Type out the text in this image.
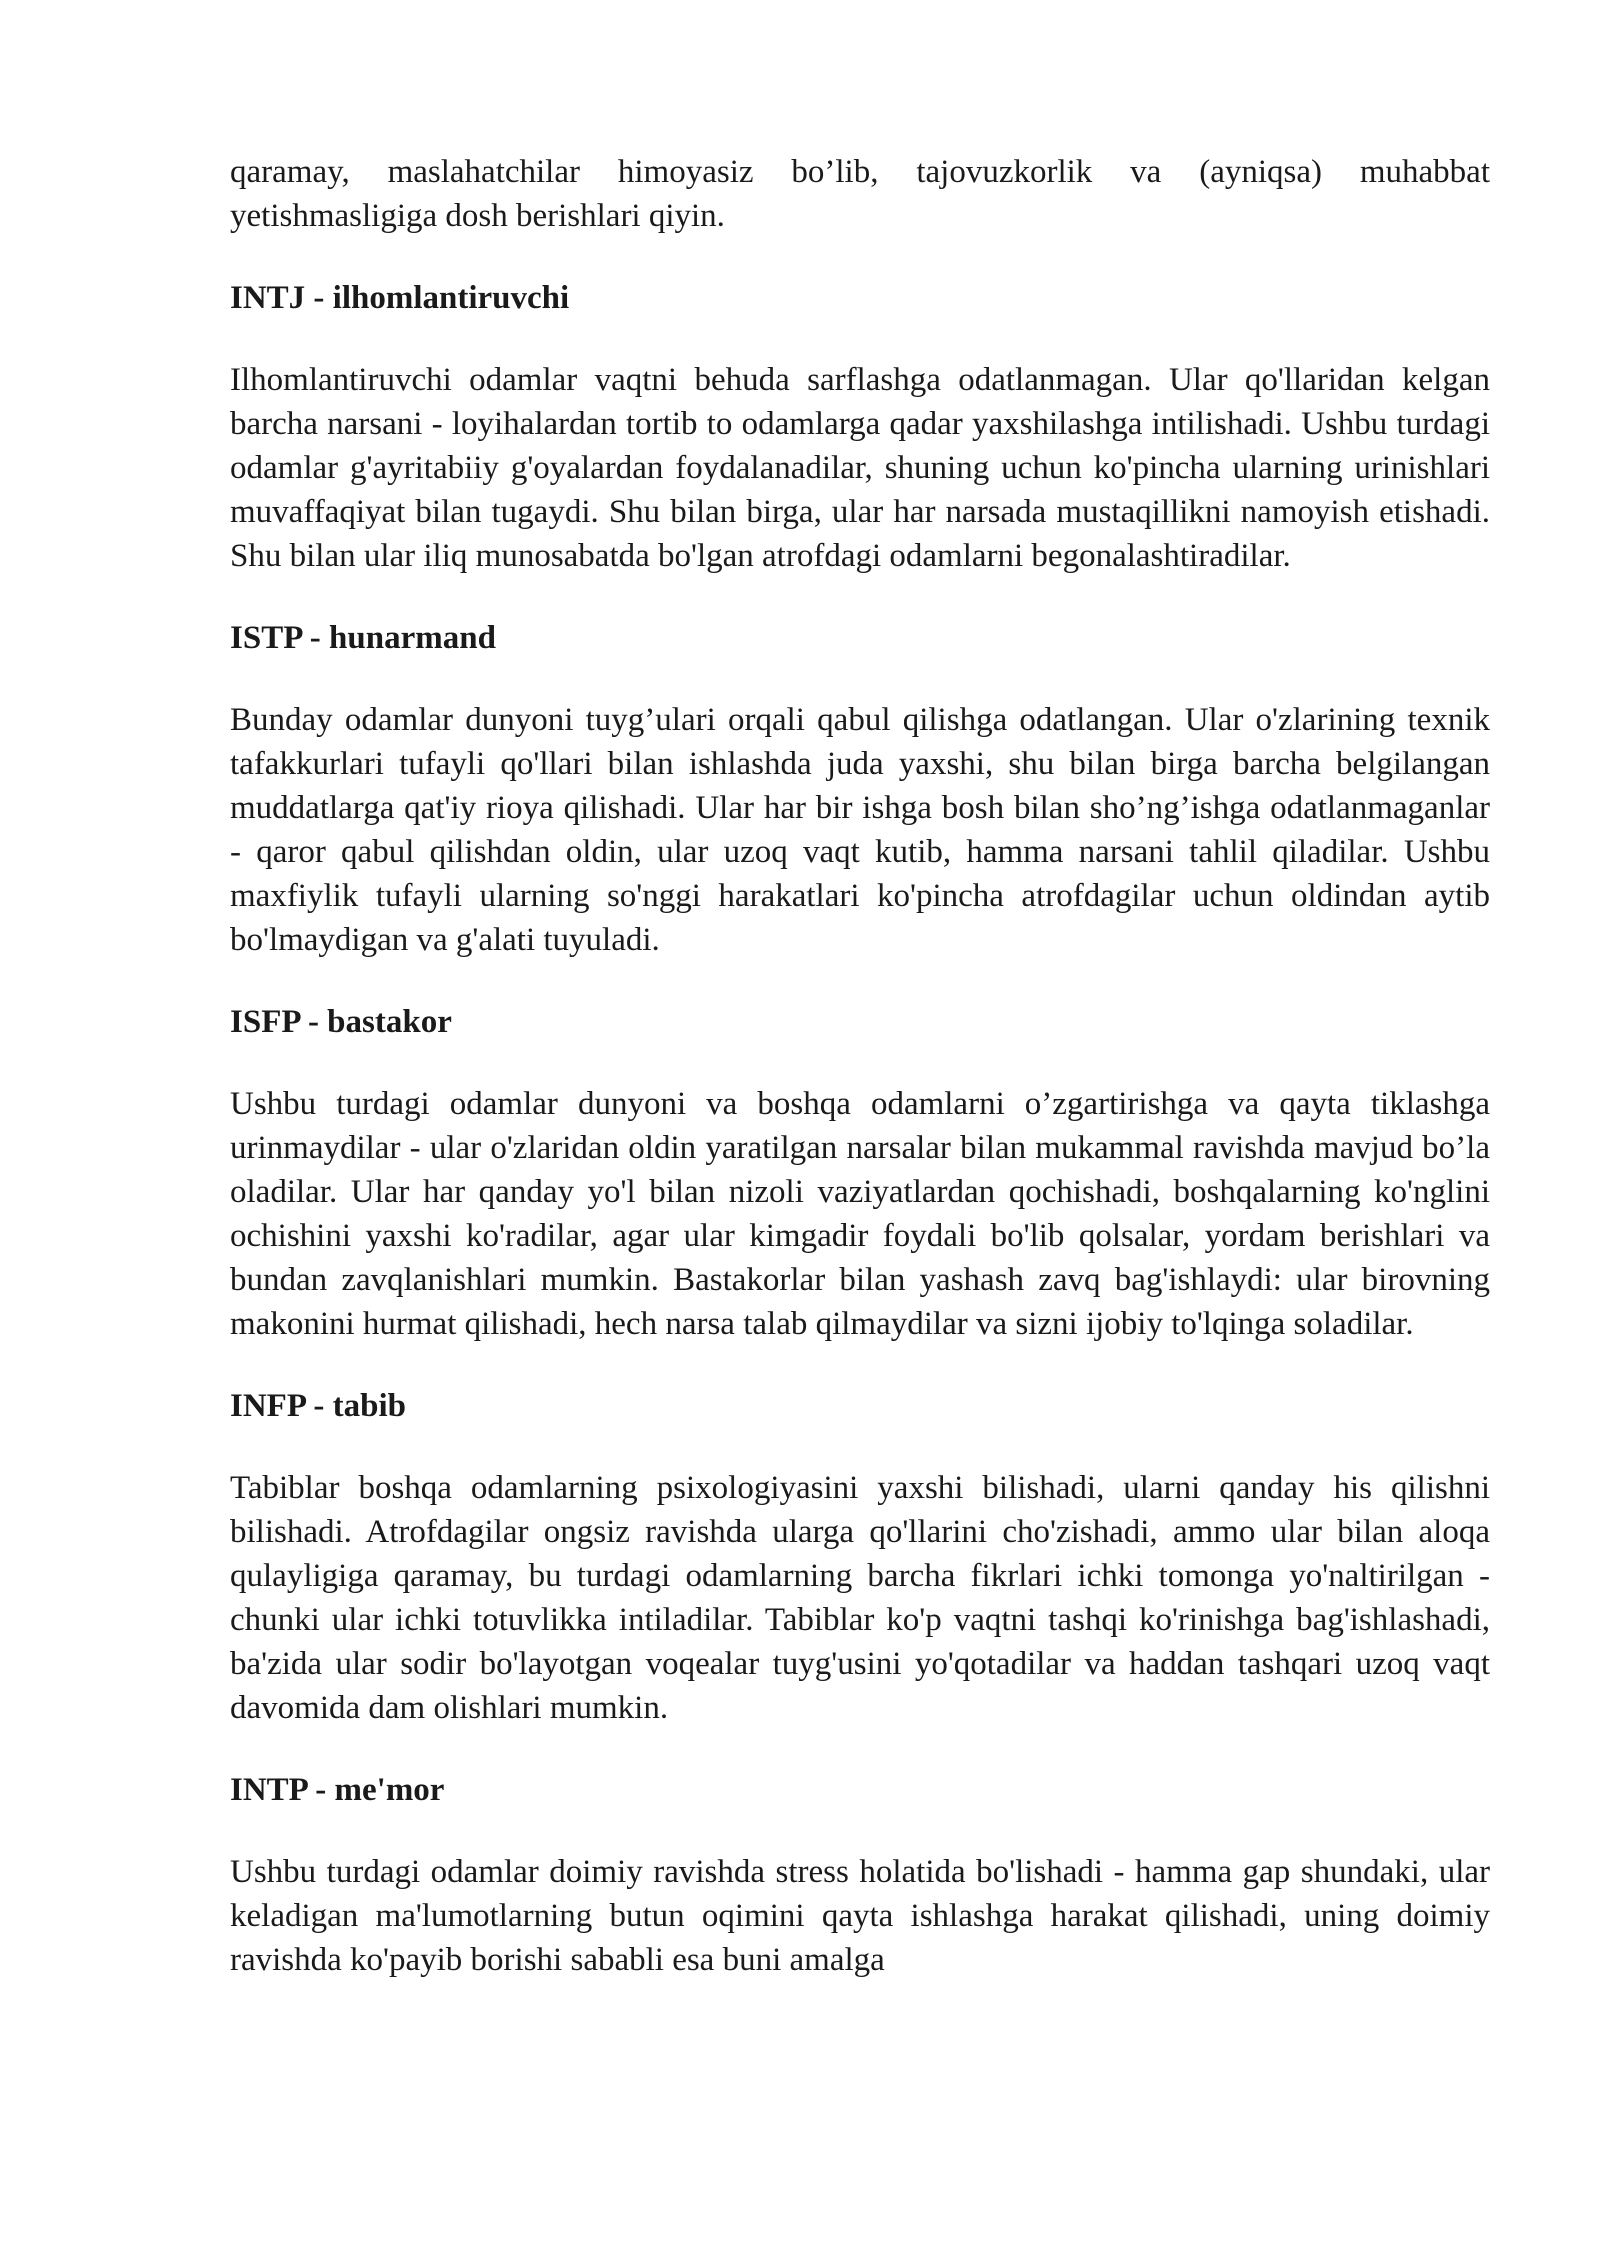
qaramay, maslahatchilar himoyasiz bo’lib, tajovuzkorlik va (ayniqsa) muhabbat yetishmasligiga dosh berishlari qiyin.

INTJ - ilhomlantiruvchi

Ilhomlantiruvchi odamlar vaqtni behuda sarflashga odatlanmagan. Ular qo'llaridan kelgan barcha narsani - loyihalardan tortib to odamlarga qadar yaxshilashga intilishadi. Ushbu turdagi odamlar g'ayritabiiy g'oyalardan foydalanadilar, shuning uchun ko'pincha ularning urinishlari muvaffaqiyat bilan tugaydi. Shu bilan birga, ular har narsada mustaqillikni namoyish etishadi. Shu bilan ular iliq munosabatda bo'lgan atrofdagi odamlarni begonalashtiradilar.

ISTP - hunarmand

Bunday odamlar dunyoni tuyg’ulari orqali qabul qilishga odatlangan. Ular o'zlarining texnik tafakkurlari tufayli qo'llari bilan ishlashda juda yaxshi, shu bilan birga barcha belgilangan muddatlarga qat'iy rioya qilishadi. Ular har bir ishga bosh bilan sho’ng’ishga odatlanmaganlar - qaror qabul qilishdan oldin, ular uzoq vaqt kutib, hamma narsani tahlil qiladilar. Ushbu maxfiylik tufayli ularning so'nggi harakatlari ko'pincha atrofdagilar uchun oldindan aytib bo'lmaydigan va g'alati tuyuladi.

ISFP - bastakor

Ushbu turdagi odamlar dunyoni va boshqa odamlarni o’zgartirishga va qayta tiklashga urinmaydilar - ular o'zlaridan oldin yaratilgan narsalar bilan mukammal ravishda mavjud bo’la oladilar. Ular har qanday yo'l bilan nizoli vaziyatlardan qochishadi, boshqalarning ko'nglini ochishini yaxshi ko'radilar, agar ular kimgadir foydali bo'lib qolsalar, yordam berishlari va bundan zavqlanishlari mumkin. Bastakorlar bilan yashash zavq bag'ishlaydi: ular birovning makonini hurmat qilishadi, hech narsa talab qilmaydilar va sizni ijobiy to'lqinga soladilar.

INFP - tabib

Tabiblar boshqa odamlarning psixologiyasini yaxshi bilishadi, ularni qanday his qilishni bilishadi. Atrofdagilar ongsiz ravishda ularga qo'llarini cho'zishadi, ammo ular bilan aloqa qulayligiga qaramay, bu turdagi odamlarning barcha fikrlari ichki tomonga yo'naltirilgan - chunki ular ichki totuvlikka intiladilar. Tabiblar ko'p vaqtni tashqi ko'rinishga bag'ishlashadi, ba'zida ular sodir bo'layotgan voqealar tuyg'usini yo'qotadilar va haddan tashqari uzoq vaqt davomida dam olishlari mumkin.

INTP - me'mor

Ushbu turdagi odamlar doimiy ravishda stress holatida bo'lishadi - hamma gap shundaki, ular keladigan ma'lumotlarning butun oqimini qayta ishlashga harakat qilishadi, uning doimiy ravishda ko'payib borishi sababli esa buni amalga
